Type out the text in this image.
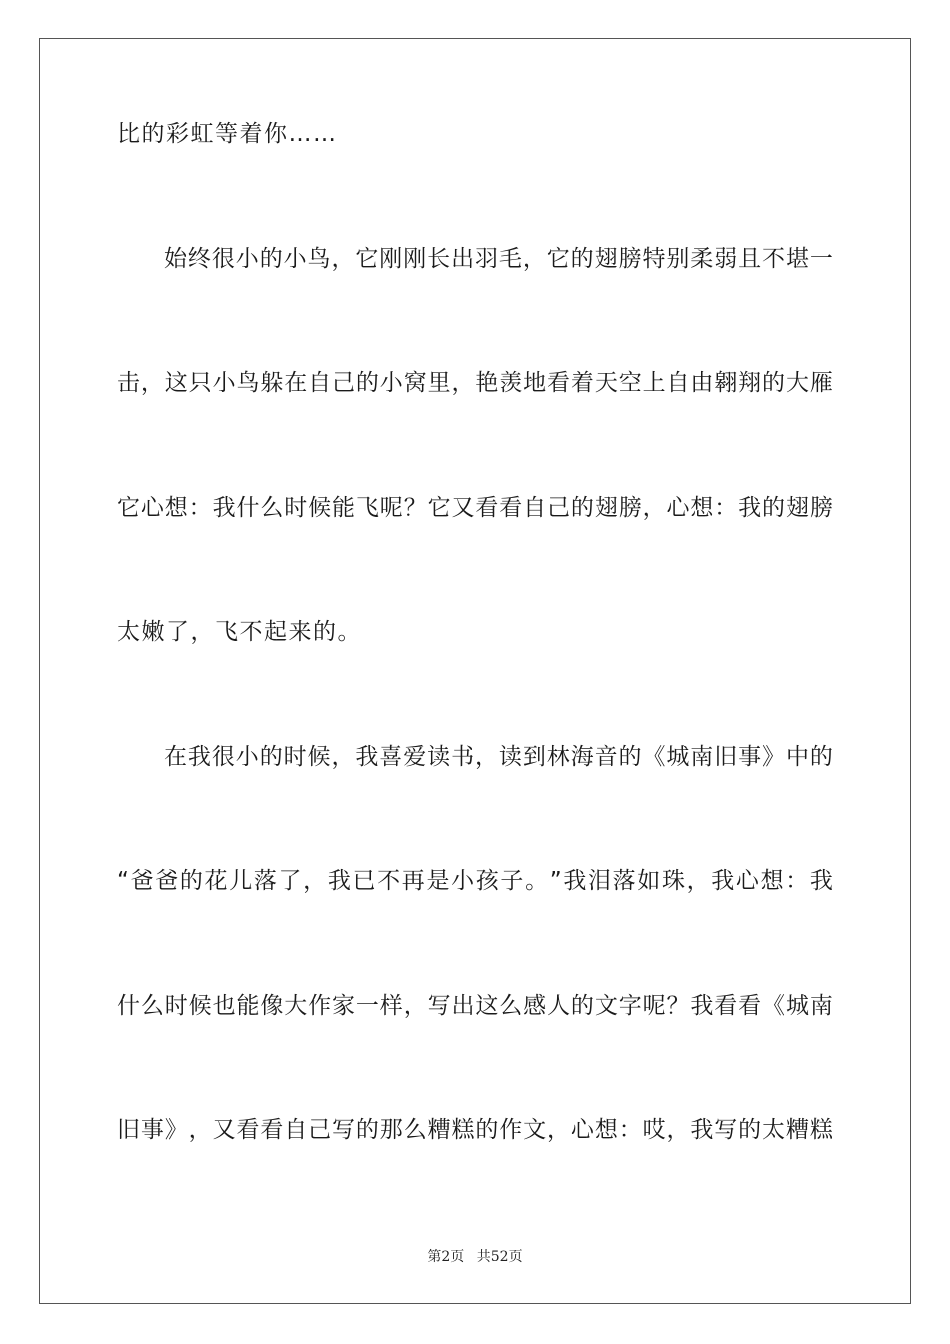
比的彩虹等着你……
始 终 很 小 的 小 鸟 ， 它 刚 刚 长 出 羽 毛 ， 它 的 翅 膀 特 别 柔 弱 且 不 堪 一
击 ， 这 只 小 鸟 躲 在 自 己 的 小 窝 里 ， 艳 羡 地 看 着 天 空 上 自 由 翱 翔 的 大 雁
它 心 想 ： 我 什 么 时 候 能 飞 呢 ？ 它 又 看 看 自 己 的 翅 膀 ， 心 想 ： 我 的 翅 膀
太嫩了，飞不起来的。
在 我 很 小 的 时 候 ， 我 喜 爱 读 书 ， 读 到 林 海 音 的 《 城 南 旧 事 》 中 的
“ 爸 爸 的 花 儿 落 了 ， 我 已 不 再 是 小 孩 子 。 ” 我 泪 落 如 珠 ， 我 心 想 ： 我
什 么 时 候 也 能 像 大 作 家 一 样 ， 写 出 这 么 感 人 的 文 字 呢 ？ 我 看 看 《 城 南
旧 事 》 ， 又 看 看 自 己 写 的 那 么 糟 糕 的 作 文 ， 心 想 ： 哎 ， 我 写 的 太 糟 糕
第2页 共52页
